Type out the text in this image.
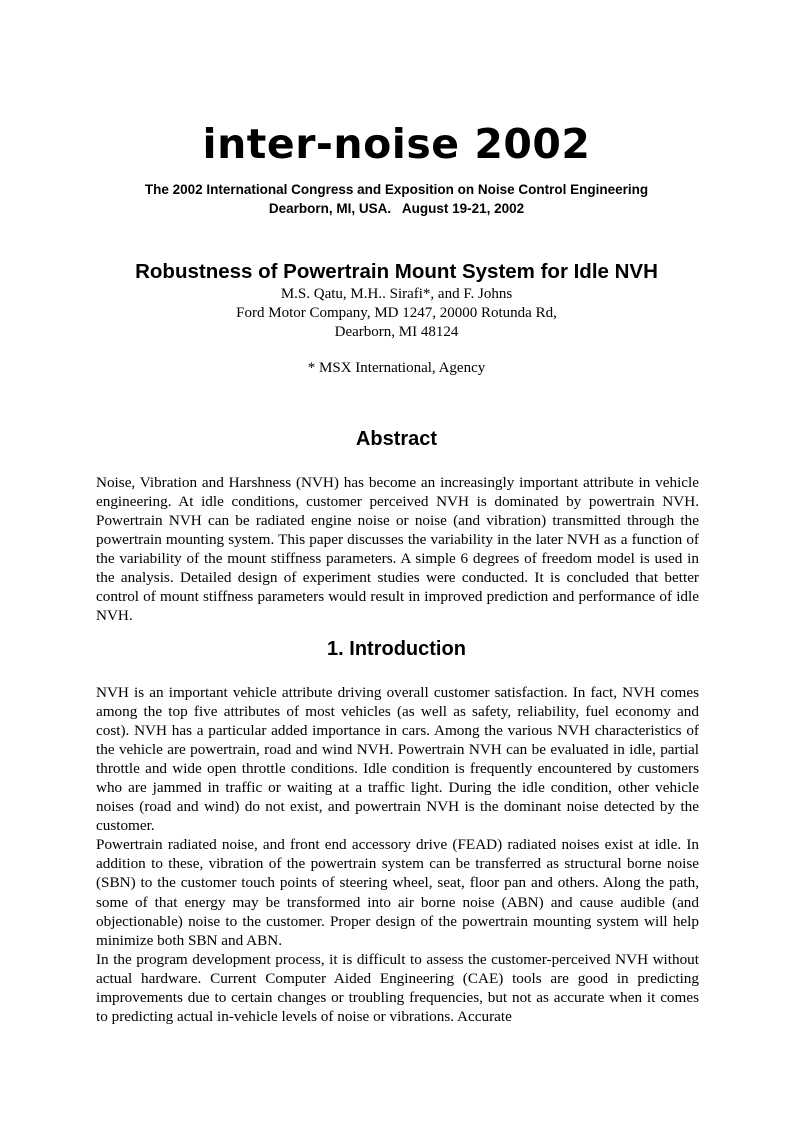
inter-noise 2002
The 2002 International Congress and Exposition on Noise Control Engineering
Dearborn, MI, USA.   August 19-21, 2002
Robustness of Powertrain Mount System for Idle NVH
M.S. Qatu, M.H.. Sirafi*, and F. Johns
Ford Motor Company, MD 1247, 20000 Rotunda Rd,
Dearborn, MI 48124
* MSX International, Agency
Abstract

Noise, Vibration and Harshness (NVH) has become an increasingly important attribute in vehicle engineering. At idle conditions, customer perceived NVH is dominated by powertrain NVH. Powertrain NVH can be radiated engine noise or noise (and vibration) transmitted through the powertrain mounting system. This paper discusses the variability in the later NVH as a function of the variability of the mount stiffness parameters. A simple 6 degrees of freedom model is used in the analysis. Detailed design of experiment studies were conducted. It is concluded that better control of mount stiffness parameters would result in improved prediction and performance of idle NVH.

1. Introduction

NVH is an important vehicle attribute driving overall customer satisfaction. In fact, NVH comes among the top five attributes of most vehicles (as well as safety, reliability, fuel economy and cost). NVH has a particular added importance in cars. Among the various NVH characteristics of the vehicle are powertrain, road and wind NVH. Powertrain NVH can be evaluated in idle, partial throttle and wide open throttle conditions. Idle condition is frequently encountered by customers who are jammed in traffic or waiting at a traffic light. During the idle condition, other vehicle noises (road and wind) do not exist, and powertrain NVH is the dominant noise detected by the customer.

Powertrain radiated noise, and front end accessory drive (FEAD) radiated noises exist at idle. In addition to these, vibration of the powertrain system can be transferred as structural borne noise (SBN) to the customer touch points of steering wheel, seat, floor pan and others. Along the path, some of that energy may be transformed into air borne noise (ABN) and cause audible (and objectionable) noise to the customer. Proper design of the powertrain mounting system will help minimize both SBN and ABN.

In the program development process, it is difficult to assess the customer-perceived NVH without actual hardware. Current Computer Aided Engineering (CAE) tools are good in predicting improvements due to certain changes or troubling frequencies, but not as accurate when it comes to predicting actual in-vehicle levels of noise or vibrations. Accurate
